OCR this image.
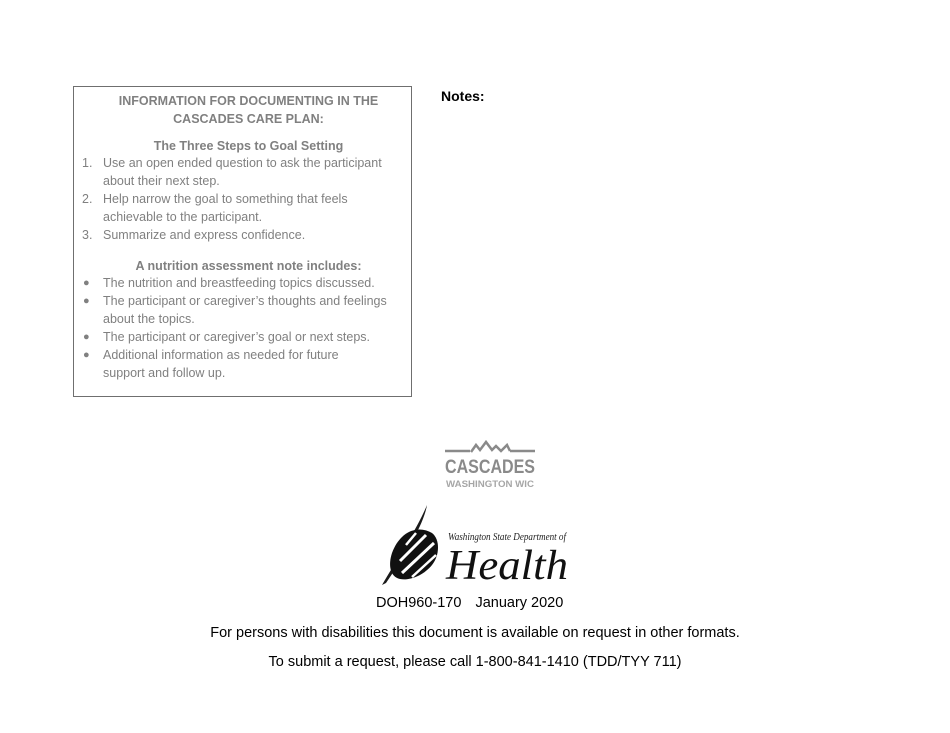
INFORMATION FOR DOCUMENTING IN THE
CASCADES CARE PLAN:
The Three Steps to Goal Setting
1. Use an open ended question to ask the participant
about their next step.
2. Help narrow the goal to something that feels
achievable to the participant.
3. Summarize and express confidence.
A nutrition assessment note includes:
● The nutrition and breastfeeding topics discussed.
● The participant or caregiver’s thoughts and feelings
about the topics.
● The participant or caregiver’s goal or next steps.
● Additional information as needed for future
support and follow up.
Notes:
CASCADES
WASHINGTON WIC
Washington State Department of
Health
DOH960-170 January 2020
For persons with disabilities this document is available on request in other formats.
To submit a request, please call 1-800-841-1410 (TDD/TYY 711)
